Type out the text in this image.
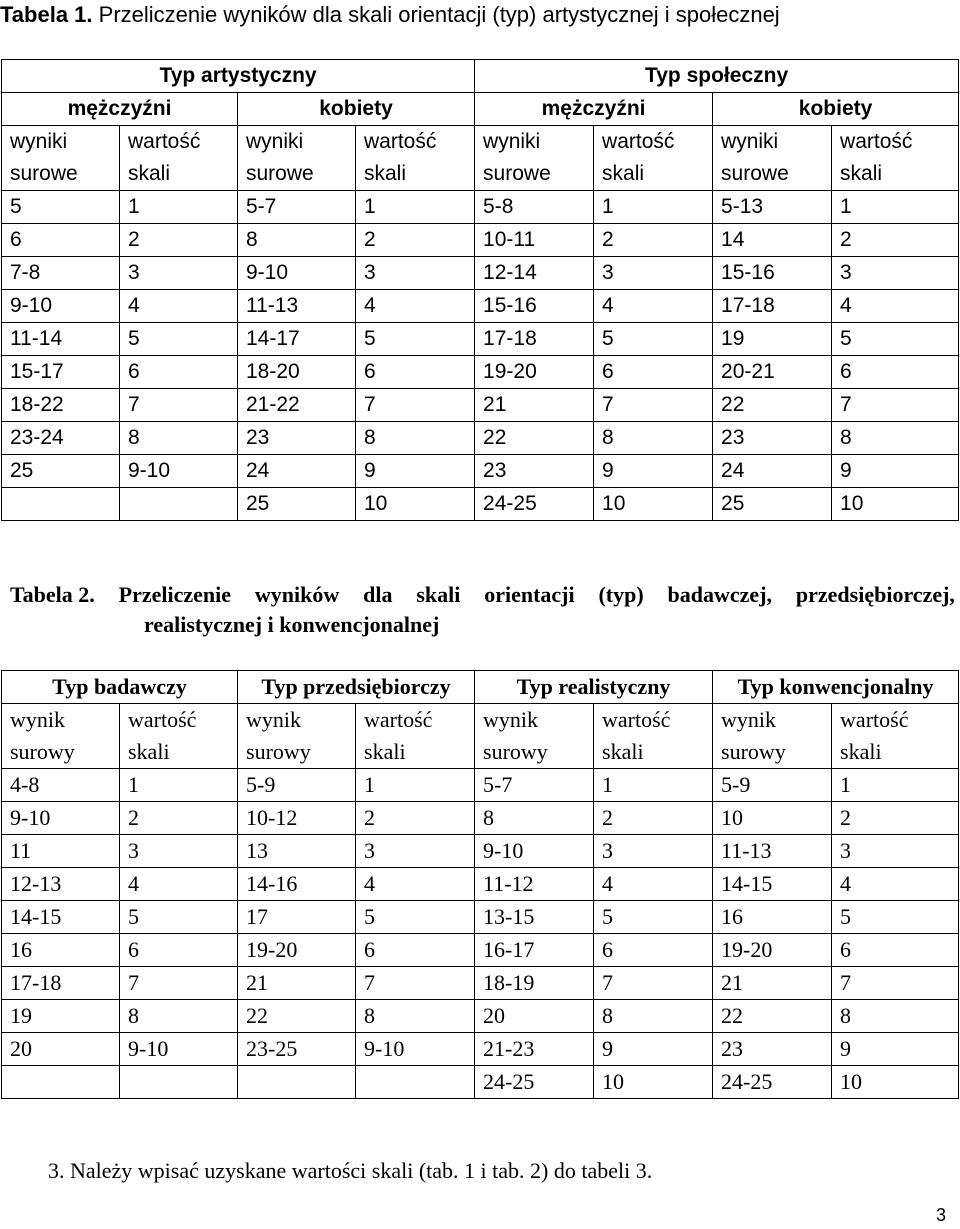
Tabela 1. Przeliczenie wyników dla skali orientacji (typ) artystycznej i społecznej
Typ artystyczny				Typ społeczny			
mężczyźni		kobiety		mężczyźni		kobiety	
wyniki	wartość	wyniki	wartość	wyniki	wartość	wyniki	wartość
surowe	skali	surowe	skali	surowe	skali	surowe	skali
5	1	5-7	1	5-8	1	5-13	1
6	2	8	2	10-11	2	14	2
7-8	3	9-10	3	12-14	3	15-16	3
9-10	4	11-13	4	15-16	4	17-18	4
11-14	5	14-17	5	17-18	5	19	5
15-17	6	18-20	6	19-20	6	20-21	6
18-22	7	21-22	7	21	7	22	7
23-24	8	23	8	22	8	23	8
25	9-10	24	9	23	9	24	9
		25	10	24-25	10	25	10
Tabela 2. Przeliczenie wyników dla skali orientacji (typ) badawczej, przedsiębiorczej,
realistycznej i konwencjonalnej
Typ badawczy		Typ przedsiębiorczy		Typ realistyczny		Typ konwencjonalny	
wynik	wartość	wynik	wartość	wynik	wartość	wynik	wartość
surowy	skali	surowy	skali	surowy	skali	surowy	skali
4-8	1	5-9	1	5-7	1	5-9	1
9-10	2	10-12	2	8	2	10	2
11	3	13	3	9-10	3	11-13	3
12-13	4	14-16	4	11-12	4	14-15	4
14-15	5	17	5	13-15	5	16	5
16	6	19-20	6	16-17	6	19-20	6
17-18	7	21	7	18-19	7	21	7
19	8	22	8	20	8	22	8
20	9-10	23-25	9-10	21-23	9	23	9
				24-25	10	24-25	10
3. Należy wpisać uzyskane wartości skali (tab. 1 i tab. 2) do tabeli 3.
3
